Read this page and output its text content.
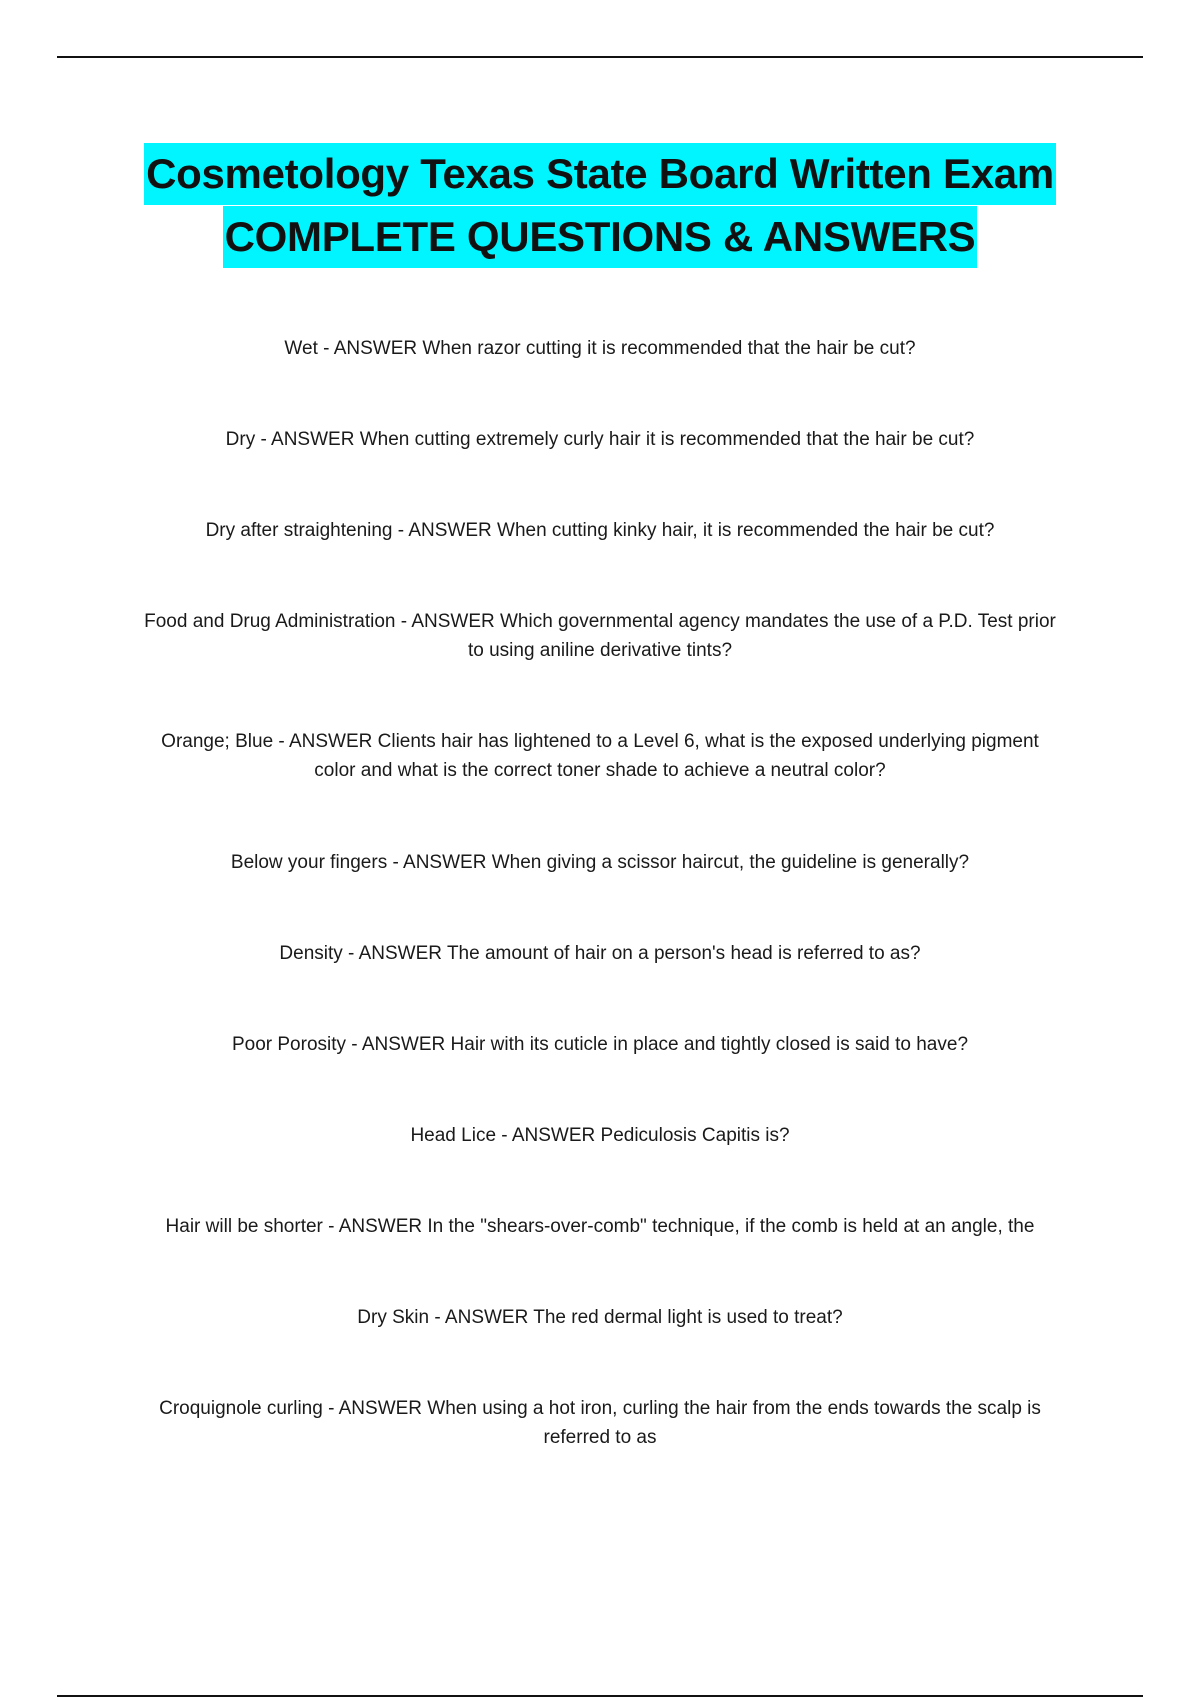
Cosmetology Texas State Board Written Exam
COMPLETE QUESTIONS & ANSWERS
Wet - ANSWER When razor cutting it is recommended that the hair be cut?
Dry - ANSWER When cutting extremely curly hair it is recommended that the hair be cut?
Dry after straightening - ANSWER When cutting kinky hair, it is recommended the hair be cut?
Food and Drug Administration - ANSWER Which governmental agency mandates the use of a P.D. Test prior to using aniline derivative tints?
Orange; Blue - ANSWER Clients hair has lightened to a Level 6, what is the exposed underlying pigment color and what is the correct toner shade to achieve a neutral color?
Below your fingers - ANSWER When giving a scissor haircut, the guideline is generally?
Density - ANSWER The amount of hair on a person's head is referred to as?
Poor Porosity - ANSWER Hair with its cuticle in place and tightly closed is said to have?
Head Lice - ANSWER Pediculosis Capitis is?
Hair will be shorter - ANSWER In the "shears-over-comb" technique, if the comb is held at an angle, the
Dry Skin - ANSWER The red dermal light is used to treat?
Croquignole curling - ANSWER When using a hot iron, curling the hair from the ends towards the scalp is referred to as
